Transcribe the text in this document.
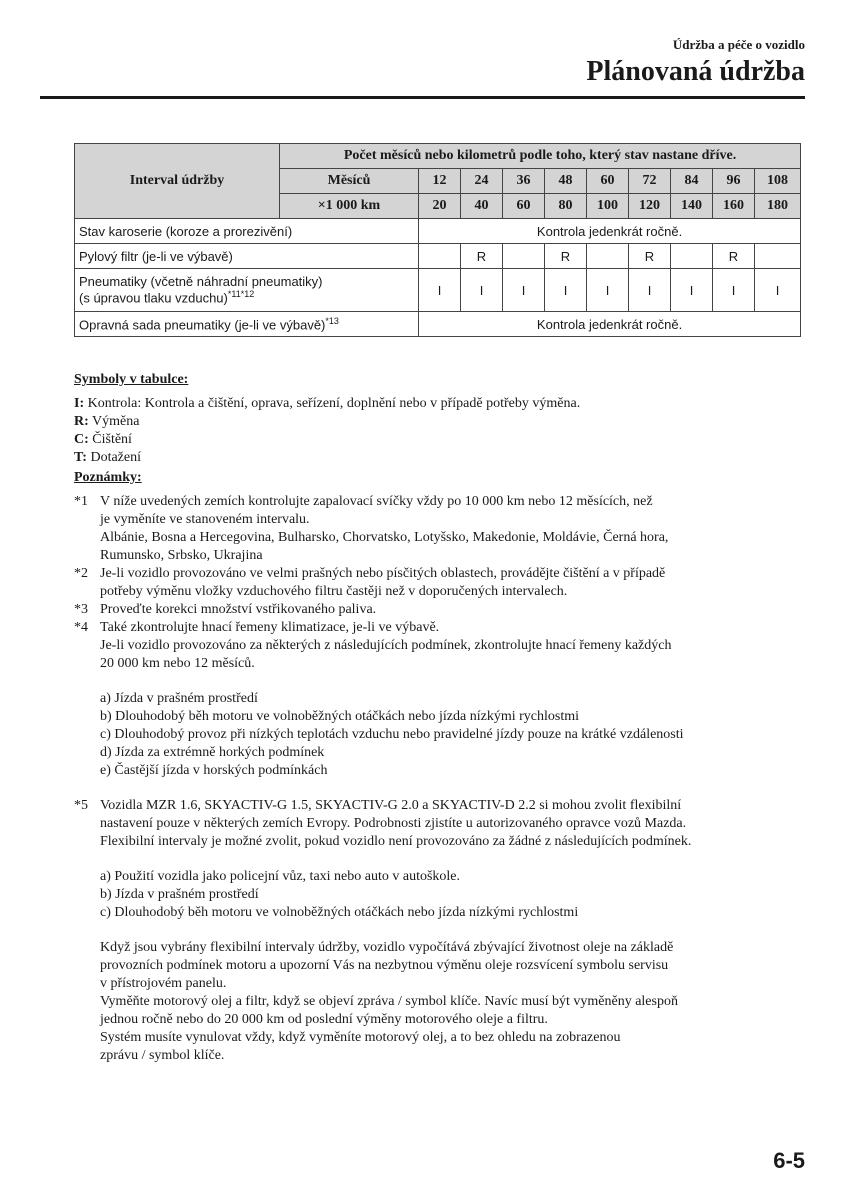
Údržba a péče o vozidlo
Plánovaná údržba
Interval údržby	Počet měsíců nebo kilometrů podle toho, který stav nastane dříve.									
	Měsíců	12	24	36	48	60	72	84	96	108
	×1 000 km	20	40	60	80	100	120	140	160	180
Stav karoserie (koroze a prorezivění)		Kontrola jedenkrát ročně.								
Pylový filtr (je-li ve výbavě)			R		R		R		R	
Pneumatiky (včetně náhradní pneumatiky)
(s úpravou tlaku vzduchu)$^{*11*12}$		I	I	I	I	I	I	I	I	I
Opravná sada pneumatiky (je-li ve výbavě)$^{*13}$		Kontrola jedenkrát ročně.								

Symboly v tabulce:

I: Kontrola: Kontrola a čištění, oprava, seřízení, doplnění nebo v případě potřeby výměna.

R: Výměna

C: Čištění

T: Dotažení

Poznámky:

*1 V níže uvedených zemích kontrolujte zapalovací svíčky vždy po 10 000 km nebo 12 měsících, než

je vyměníte ve stanoveném intervalu.

Albánie, Bosna a Hercegovina, Bulharsko, Chorvatsko, Lotyšsko, Makedonie, Moldávie, Černá hora,

Rumunsko, Srbsko, Ukrajina

*2 Je-li vozidlo provozováno ve velmi prašných nebo písčitých oblastech, provádějte čištění a v případě

potřeby výměnu vložky vzduchového filtru častěji než v doporučených intervalech.

*3 Proveďte korekci množství vstřikovaného paliva.

*4 Také zkontrolujte hnací řemeny klimatizace, je-li ve výbavě.

Je-li vozidlo provozováno za některých z následujících podmínek, zkontrolujte hnací řemeny každých

20 000 km nebo 12 měsíců.

a) Jízda v prašném prostředí

b) Dlouhodobý běh motoru ve volnoběžných otáčkách nebo jízda nízkými rychlostmi

c) Dlouhodobý provoz při nízkých teplotách vzduchu nebo pravidelné jízdy pouze na krátké vzdálenosti

d) Jízda za extrémně horkých podmínek

e) Častější jízda v horských podmínkách

*5 Vozidla MZR 1.6, SKYACTIV-G 1.5, SKYACTIV-G 2.0 a SKYACTIV-D 2.2 si mohou zvolit flexibilní

nastavení pouze v některých zemích Evropy. Podrobnosti zjistíte u autorizovaného opravce vozů Mazda.

Flexibilní intervaly je možné zvolit, pokud vozidlo není provozováno za žádné z následujících podmínek.

a) Použití vozidla jako policejní vůz, taxi nebo auto v autoškole.

b) Jízda v prašném prostředí

c) Dlouhodobý běh motoru ve volnoběžných otáčkách nebo jízda nízkými rychlostmi

Když jsou vybrány flexibilní intervaly údržby, vozidlo vypočítává zbývající životnost oleje na základě

provozních podmínek motoru a upozorní Vás na nezbytnou výměnu oleje rozsvícení symbolu servisu

v přístrojovém panelu.

Vyměňte motorový olej a filtr, když se objeví zpráva / symbol klíče. Navíc musí být vyměněny alespoň

jednou ročně nebo do 20 000 km od poslední výměny motorového oleje a filtru.

Systém musíte vynulovat vždy, když vyměníte motorový olej, a to bez ohledu na zobrazenou

zprávu / symbol klíče.

6-5
